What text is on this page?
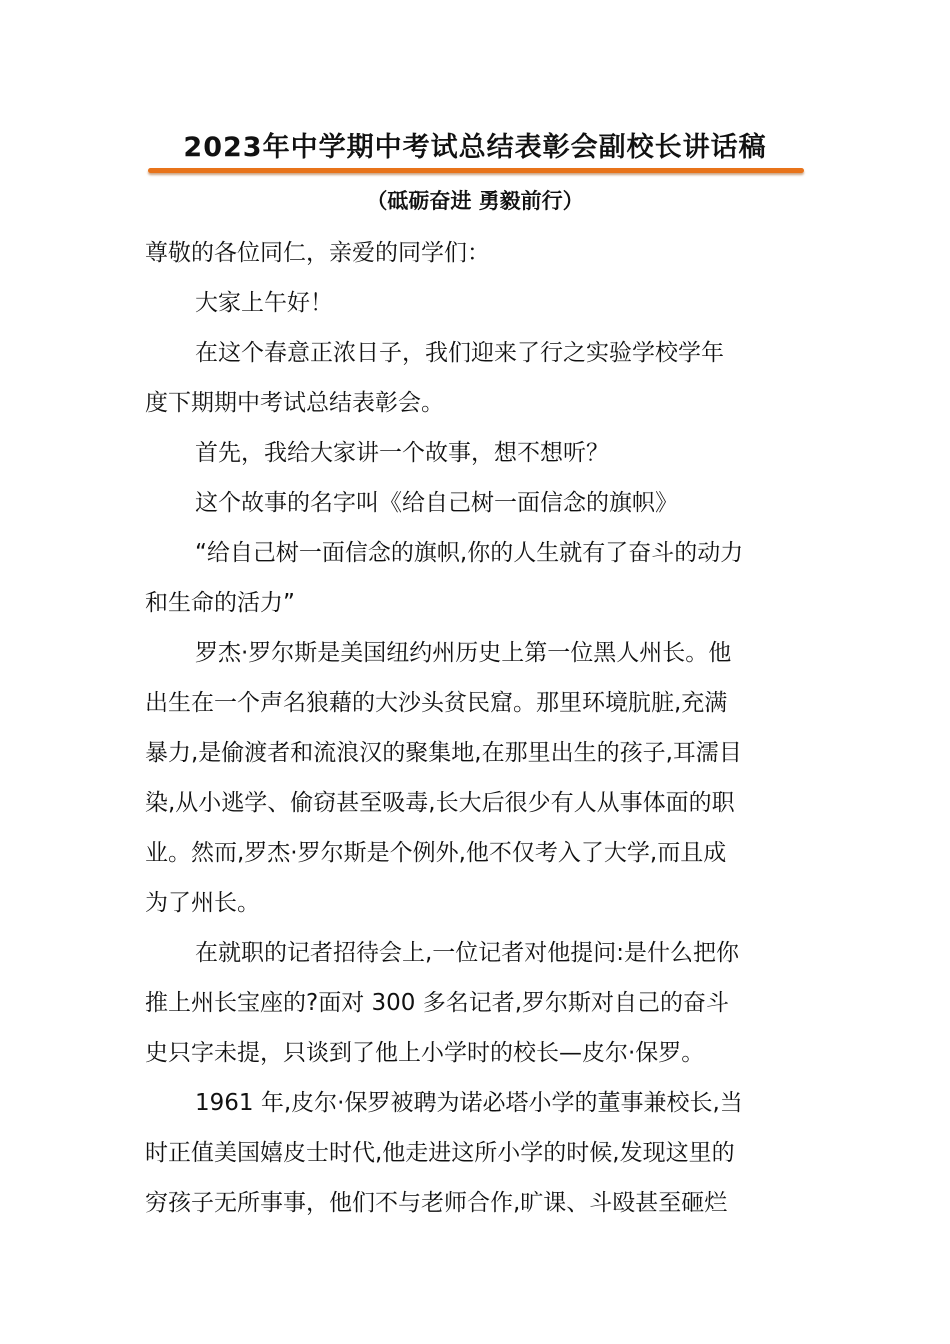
2023年中学期中考试总结表彰会副校长讲话稿
（砥砺奋进 勇毅前行）
尊敬的各位同仁，亲爱的同学们：
大家上午好！
在这个春意正浓日子，我们迎来了行之实验学校学年
度下期期中考试总结表彰会。
首先，我给大家讲一个故事，想不想听？
这个故事的名字叫《给自己树一面信念的旗帜》
“给自己树一面信念的旗帜,你的人生就有了奋斗的动力
和生命的活力”
罗杰·罗尔斯是美国纽约州历史上第一位黑人州长。他
出生在一个声名狼藉的大沙头贫民窟。那里环境肮脏,充满
暴力,是偷渡者和流浪汉的聚集地,在那里出生的孩子,耳濡目
染,从小逃学、偷窃甚至吸毒,长大后很少有人从事体面的职
业。然而,罗杰·罗尔斯是个例外,他不仅考入了大学,而且成
为了州长。
在就职的记者招待会上,一位记者对他提问:是什么把你
推上州长宝座的?面对 300 多名记者,罗尔斯对自己的奋斗
史只字未提，只谈到了他上小学时的校长—皮尔·保罗。
1961 年,皮尔·保罗被聘为诺必塔小学的董事兼校长,当
时正值美国嬉皮士时代,他走进这所小学的时候,发现这里的
穷孩子无所事事，他们不与老师合作,旷课、斗殴甚至砸烂
